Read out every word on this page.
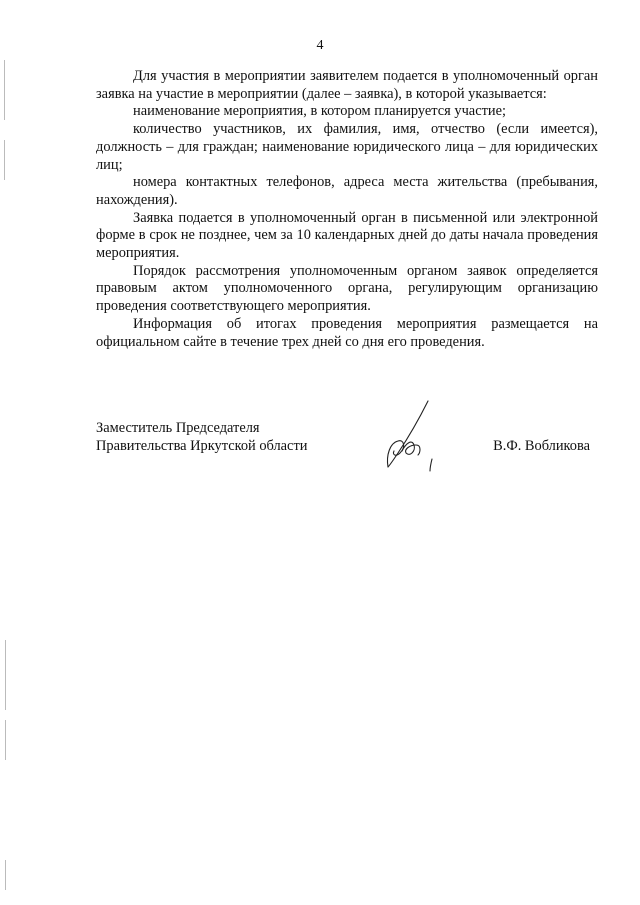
4

Для участия в мероприятии заявителем подается в уполномоченный орган заявка на участие в мероприятии (далее – заявка), в которой указывается:

наименование мероприятия, в котором планируется участие;

количество участников, их фамилия, имя, отчество (если имеется), должность – для граждан; наименование юридического лица – для юридических лиц;

номера контактных телефонов, адреса места жительства (пребывания, нахождения).

Заявка подается в уполномоченный орган в письменной или электронной форме в срок не позднее, чем за 10 календарных дней до даты начала проведения мероприятия.

Порядок рассмотрения уполномоченным органом заявок определяется правовым актом уполномоченного органа, регулирующим организацию проведения соответствующего мероприятия.

Информация об итогах проведения мероприятия размещается на официальном сайте в течение трех дней со дня его проведения.

Заместитель Председателя
Правительства Иркутской области	В.Ф. Вобликова
